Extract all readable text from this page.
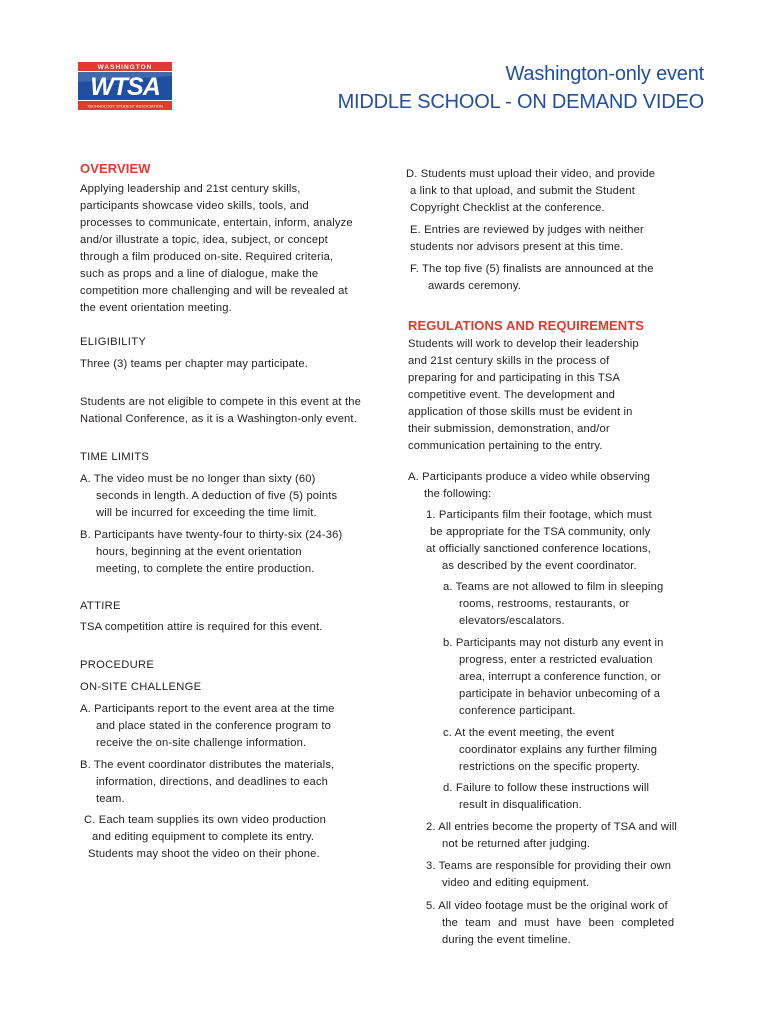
WASHINGTON
WTSA
TECHNOLOGY STUDENT ASSOCIATION
Washington-only event
MIDDLE SCHOOL - ON DEMAND VIDEO
OVERVIEW
Applying leadership and 21st century skills,
participants showcase video skills, tools, and
processes to communicate, entertain, inform, analyze
and/or illustrate a topic, idea, subject, or concept
through a film produced on-site. Required criteria,
such as props and a line of dialogue, make the
competition more challenging and will be revealed at
the event orientation meeting.
ELIGIBILITY
Three (3) teams per chapter may participate.
Students are not eligible to compete in this event at the
National Conference, as it is a Washington-only event.
TIME LIMITS
A. The video must be no longer than sixty (60)
seconds in length. A deduction of five (5) points
will be incurred for exceeding the time limit.
B. Participants have twenty-four to thirty-six (24-36)
hours, beginning at the event orientation
meeting, to complete the entire production.
ATTIRE
TSA competition attire is required for this event.
PROCEDURE
ON-SITE CHALLENGE
A. Participants report to the event area at the time
and place stated in the conference program to
receive the on-site challenge information.
B. The event coordinator distributes the materials,
information, directions, and deadlines to each
team.
C. Each team supplies its own video production
and editing equipment to complete its entry.
Students may shoot the video on their phone.
D. Students must upload their video, and provide
a link to that upload, and submit the Student
Copyright Checklist at the conference.
E. Entries are reviewed by judges with neither
students nor advisors present at this time.
F. The top five (5) finalists are announced at the
awards ceremony.
REGULATIONS AND REQUIREMENTS
Students will work to develop their leadership
and 21st century skills in the process of
preparing for and participating in this TSA
competitive event. The development and
application of those skills must be evident in
their submission, demonstration, and/or
communication pertaining to the entry.
A. Participants produce a video while observing
the following:
1. Participants film their footage, which must
be appropriate for the TSA community, only
at officially sanctioned conference locations,
as described by the event coordinator.
a. Teams are not allowed to film in sleeping
rooms, restrooms, restaurants, or
elevators/escalators.
b. Participants may not disturb any event in
progress, enter a restricted evaluation
area, interrupt a conference function, or
participate in behavior unbecoming of a
conference participant.
c. At the event meeting, the event
coordinator explains any further filming
restrictions on the specific property.
d. Failure to follow these instructions will
result in disqualification.
2. All entries become the property of TSA and will
not be returned after judging.
3. Teams are responsible for providing their own
video and editing equipment.
5. All video footage must be the original work of
the team and must have been completed
during the event timeline.
